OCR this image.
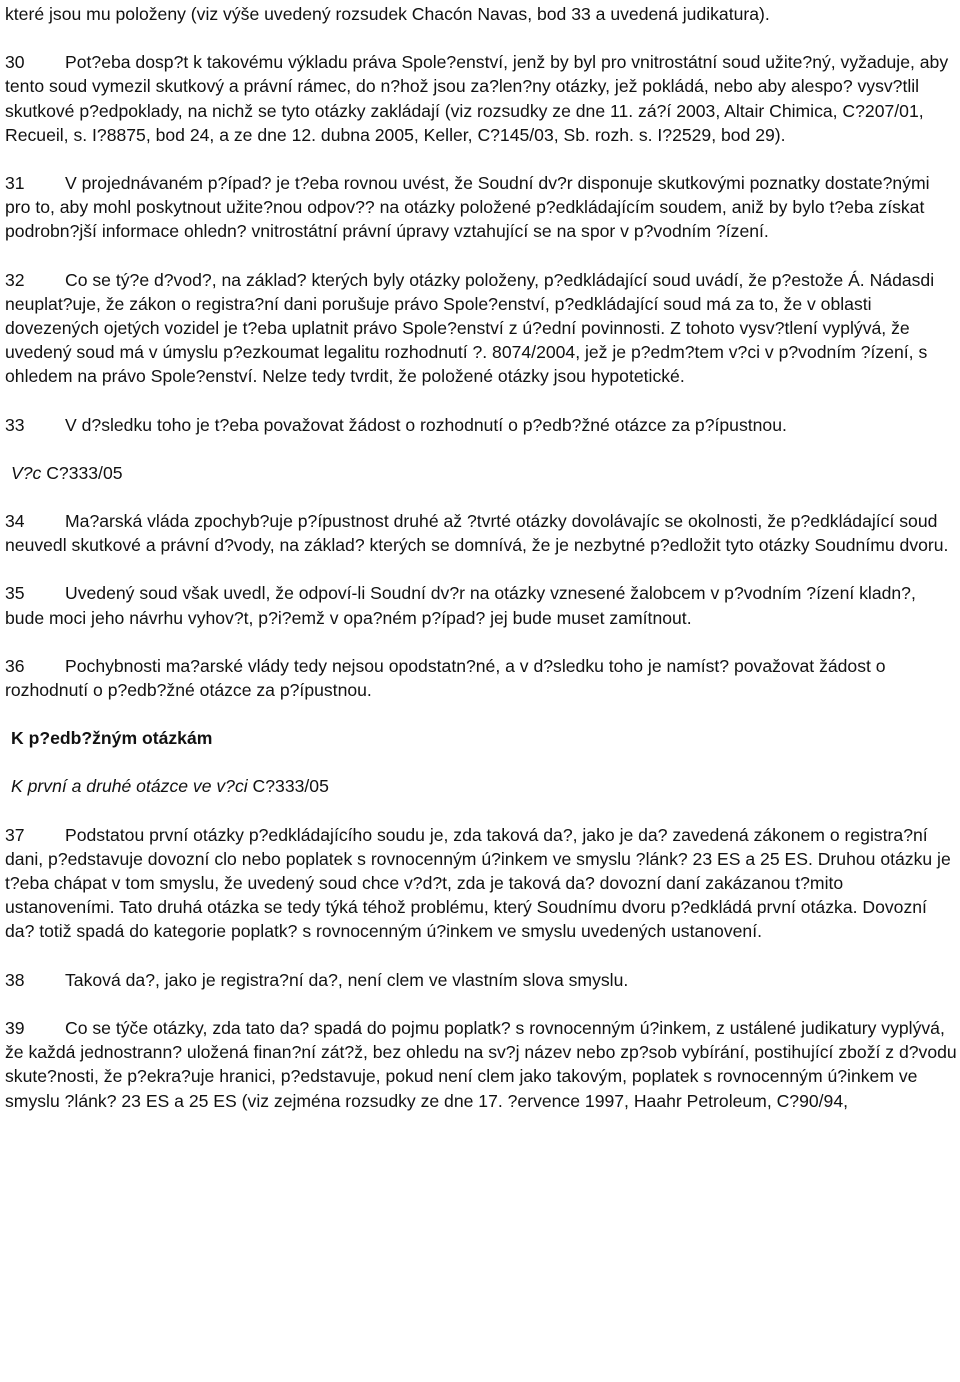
které jsou mu položeny (viz výše uvedený rozsudek Chacón Navas, bod 33 a uvedená judikatura).

30 Pot?eba dosp?t k takovému výkladu práva Spole?enství, jenž by byl pro vnitrostátní soud užite?ný, vyžaduje, aby tento soud vymezil skutkový a právní rámec, do n?hož jsou za?len?ny otázky, jež pokládá, nebo aby alespo? vysv?tlil skutkové p?edpoklady, na nichž se tyto otázky zakládají (viz rozsudky ze dne 11. zá?í 2003, Altair Chimica, C?207/01, Recueil, s. I?8875, bod 24, a ze dne 12. dubna 2005, Keller, C?145/03, Sb. rozh. s. I?2529, bod 29).

31 V projednávaném p?ípad? je t?eba rovnou uvést, že Soudní dv?r disponuje skutkovými poznatky dostate?nými pro to, aby mohl poskytnout užite?nou odpov?? na otázky položené p?edkládajícím soudem, aniž by bylo t?eba získat podrobn?jší informace ohledn? vnitrostátní právní úpravy vztahující se na spor v p?vodním ?ízení.

32 Co se tý?e d?vod?, na základ? kterých byly otázky položeny, p?edkládající soud uvádí, že p?estože Á. Nádasdi neuplat?uje, že zákon o registra?ní dani porušuje právo Spole?enství, p?edkládající soud má za to, že v oblasti dovezených ojetých vozidel je t?eba uplatnit právo Spole?enství z ú?ední povinnosti. Z tohoto vysv?tlení vyplývá, že uvedený soud má v úmyslu p?ezkoumat legalitu rozhodnutí ?. 8074/2004, jež je p?edm?tem v?ci v p?vodním ?ízení, s ohledem na právo Spole?enství. Nelze tedy tvrdit, že položené otázky jsou hypotetické.

33 V d?sledku toho je t?eba považovat žádost o rozhodnutí o p?edb?žné otázce za p?ípustnou.

V?c C?333/05

34 Ma?arská vláda zpochyb?uje p?ípustnost druhé až ?tvrté otázky dovolávajíc se okolnosti, že p?edkládající soud neuvedl skutkové a právní d?vody, na základ? kterých se domnívá, že je nezbytné p?edložit tyto otázky Soudnímu dvoru.

35 Uvedený soud však uvedl, že odpoví-li Soudní dv?r na otázky vznesené žalobcem v p?vodním ?ízení kladn?, bude moci jeho návrhu vyhov?t, p?i?emž v opa?ném p?ípad? jej bude muset zamítnout.

36 Pochybnosti ma?arské vlády tedy nejsou opodstatn?né, a v d?sledku toho je namíst? považovat žádost o rozhodnutí o p?edb?žné otázce za p?ípustnou.

K p?edb?žným otázkám

K první a druhé otázce ve v?ci C?333/05

37 Podstatou první otázky p?edkládajícího soudu je, zda taková da?, jako je da? zavedená zákonem o registra?ní dani, p?edstavuje dovozní clo nebo poplatek s rovnocenným ú?inkem ve smyslu ?lánk? 23 ES a 25 ES. Druhou otázku je t?eba chápat v tom smyslu, že uvedený soud chce v?d?t, zda je taková da? dovozní daní zakázanou t?mito ustanoveními. Tato druhá otázka se tedy týká téhož problému, který Soudnímu dvoru p?edkládá první otázka. Dovozní da? totiž spadá do kategorie poplatk? s rovnocenným ú?inkem ve smyslu uvedených ustanovení.

38 Taková da?, jako je registra?ní da?, není clem ve vlastním slova smyslu.

39 Co se týče otázky, zda tato da? spadá do pojmu poplatk? s rovnocenným ú?inkem, z ustálené judikatury vyplývá, že každá jednostrann? uložená finan?ní zát?ž, bez ohledu na sv?j název nebo zp?sob vybírání, postihující zboží z d?vodu skute?nosti, že p?ekra?uje hranici, p?edstavuje, pokud není clem jako takovým, poplatek s rovnocenným ú?inkem ve smyslu ?lánk? 23 ES a 25 ES (viz zejména rozsudky ze dne 17. ?ervence 1997, Haahr Petroleum, C?90/94,
